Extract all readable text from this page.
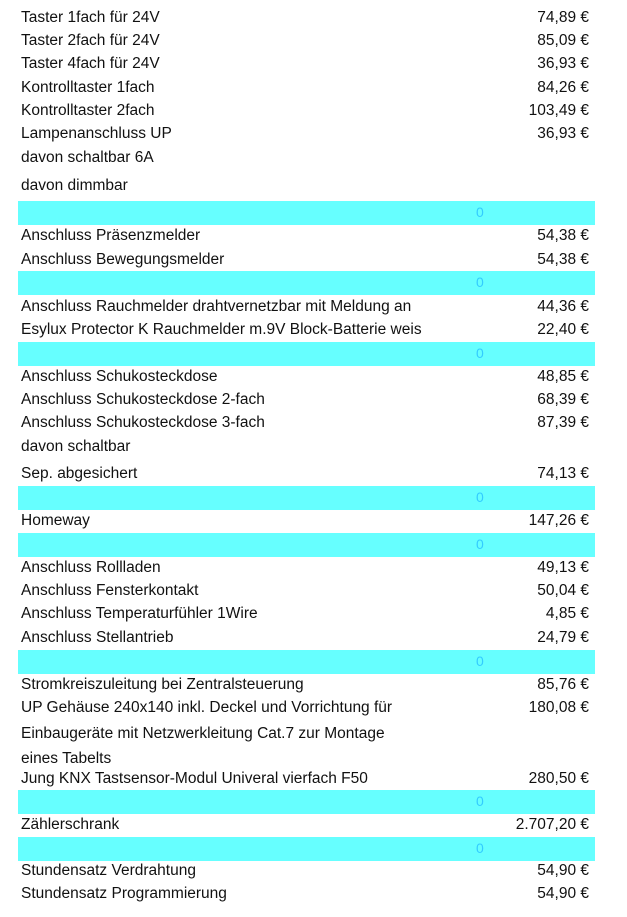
Taster 1fach für 24V	74,89 €
Taster 2fach für 24V	85,09 €
Taster 4fach für 24V	36,93 €
Kontrolltaster 1fach	84,26 €
Kontrolltaster 2fach	103,49 €
Lampenanschluss UP	36,93 €
davon schaltbar 6A
davon dimmbar
0
Anschluss Präsenzmelder	54,38 €
Anschluss Bewegungsmelder	54,38 €
0
Anschluss Rauchmelder drahtvernetzbar mit Meldung an	44,36 €
Esylux Protector K Rauchmelder m.9V Block-Batterie weis	22,40 €
0
Anschluss Schukosteckdose	48,85 €
Anschluss Schukosteckdose 2-fach	68,39 €
Anschluss Schukosteckdose 3-fach	87,39 €
davon schaltbar
Sep. abgesichert	74,13 €
0
Homeway	147,26 €
0
Anschluss Rollladen	49,13 €
Anschluss Fensterkontakt	50,04 €
Anschluss Temperaturfühler 1Wire	4,85 €
Anschluss Stellantrieb	24,79 €
0
Stromkreiszuleitung bei Zentralsteuerung	85,76 €
UP Gehäuse 240x140 inkl. Deckel und Vorrichtung für	180,08 €
Einbaugeräte mit Netzwerkleitung Cat.7 zur Montage
eines Tabelts
Jung KNX Tastsensor-Modul Univeral vierfach F50	280,50 €
0
Zählerschrank	2.707,20 €
0
Stundensatz Verdrahtung	54,90 €
Stundensatz Programmierung	54,90 €
